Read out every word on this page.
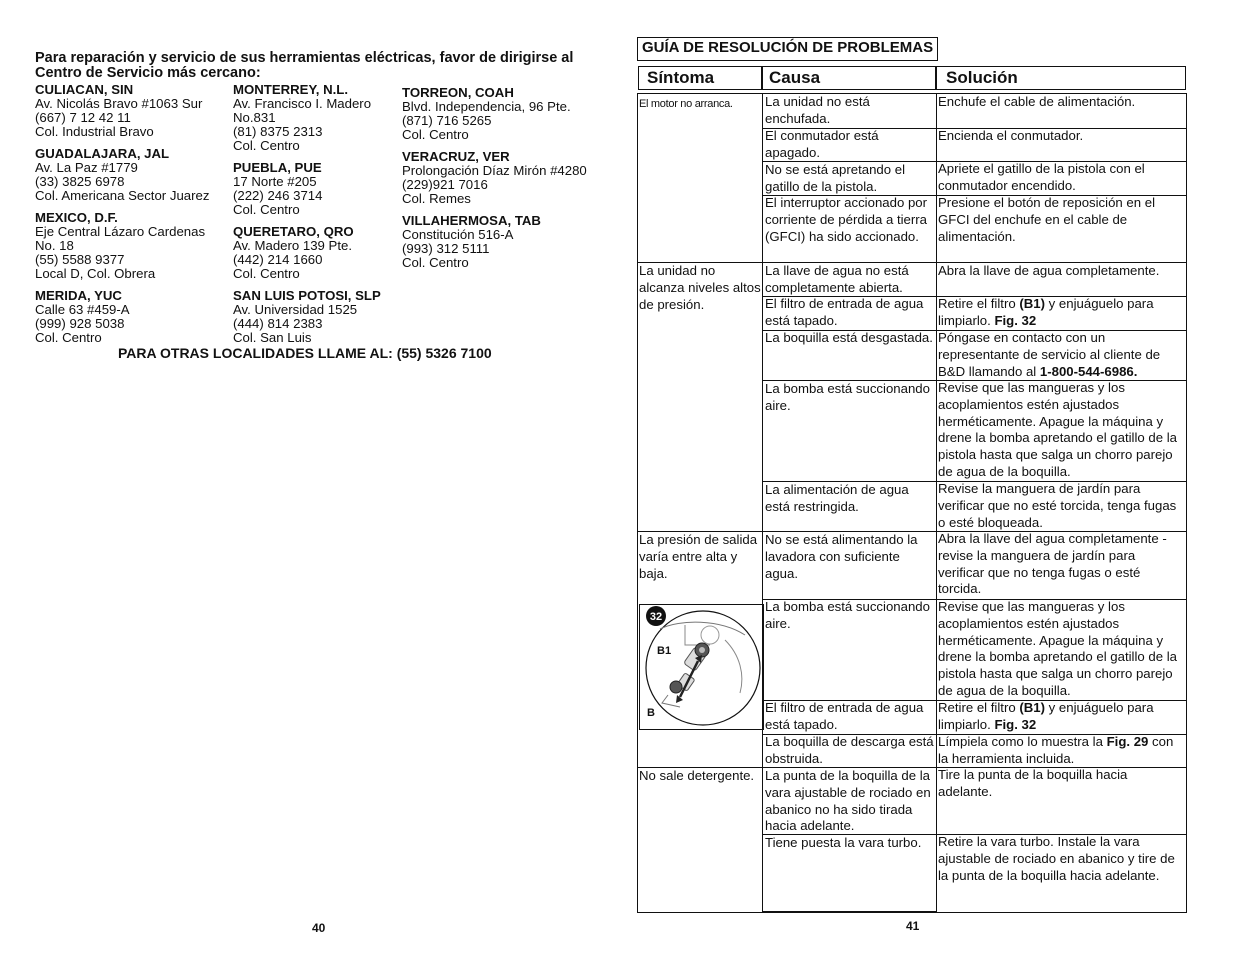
Para reparación y servicio de sus herramientas eléctricas, favor de dirigirse al Centro de Servicio más cercano:
CULIACAN, SIN
Av. Nicolás Bravo #1063 Sur
(667) 7 12 42 11
Col. Industrial Bravo
GUADALAJARA, JAL
Av. La Paz #1779
(33) 3825 6978
Col. Americana Sector Juarez
MEXICO, D.F.
Eje Central Lázaro Cardenas
No. 18
(55) 5588 9377
Local D, Col. Obrera
MERIDA, YUC
Calle 63 #459-A
(999) 928 5038
Col. Centro
MONTERREY, N.L.
Av. Francisco I. Madero
No.831
(81) 8375 2313
Col. Centro
PUEBLA, PUE
17 Norte #205
(222) 246 3714
Col. Centro
QUERETARO, QRO
Av. Madero 139 Pte.
(442) 214 1660
Col. Centro
SAN LUIS POTOSI, SLP
Av. Universidad 1525
(444) 814 2383
Col. San Luis
TORREON, COAH
Blvd. Independencia, 96 Pte.
(871) 716 5265
Col. Centro
VERACRUZ, VER
Prolongación Díaz Mirón #4280
(229)921 7016
Col. Remes
VILLAHERMOSA, TAB
Constitución 516-A
(993) 312 5111
Col. Centro
PARA OTRAS LOCALIDADES LLAME AL: (55) 5326 7100
40
GUÍA DE RESOLUCIÓN DE PROBLEMAS
Síntoma	Causa	Solución
El motor no arranca.
La unidad no alcanza niveles altos de presión.
La presión de salida varía entre alta y baja.
No sale detergente.
La unidad no está enchufada.
El conmutador está apagado.
No se está apretando el gatillo de la pistola.
El interruptor accionado por corriente de pérdida a tierra (GFCI) ha sido accionado.
La llave de agua no está completamente abierta.
El filtro de entrada de agua está tapado.
La boquilla está desgastada.
La bomba está succionando aire.
La alimentación de agua está restringida.
No se está alimentando la lavadora con suficiente agua.
La bomba está succionando aire.
El filtro de entrada de agua está tapado.
La boquilla de descarga está obstruida.
La punta de la boquilla de la vara ajustable de rociado en abanico no ha sido tirada hacia adelante.
Tiene puesta la vara turbo.
Enchufe el cable de alimentación.
Encienda el conmutador.
Apriete el gatillo de la pistola con el conmutador encendido.
Presione el botón de reposición en el GFCI del enchufe en el cable de alimentación.
Abra la llave de agua completamente.
Retire el filtro (B1) y enjuáguelo para limpiarlo. Fig. 32
Póngase en contacto con un representante de servicio al cliente de B&D llamando al 1-800-544-6986.
Revise que las mangueras y los acoplamientos estén ajustados herméticamente. Apague la máquina y drene la bomba apretando el gatillo de la pistola hasta que salga un chorro parejo de agua de la boquilla.
Revise la manguera de jardín para verificar que no esté torcida, tenga fugas o esté bloqueada.
Abra la llave del agua completamente - revise la manguera de jardín para verificar que no tenga fugas o esté torcida.
Revise que las mangueras y los acoplamientos estén ajustados herméticamente. Apague la máquina y drene la bomba apretando el gatillo de la pistola hasta que salga un chorro parejo de agua de la boquilla.
Retire el filtro (B1) y enjuáguelo para limpiarlo. Fig. 32
Límpiela como lo muestra la Fig. 29 con la herramienta incluida.
Tire la punta de la boquilla hacia adelante.
Retire la vara turbo. Instale la vara ajustable de rociado en abanico y tire de la punta de la boquilla hacia adelante.
32
B1
B
41
